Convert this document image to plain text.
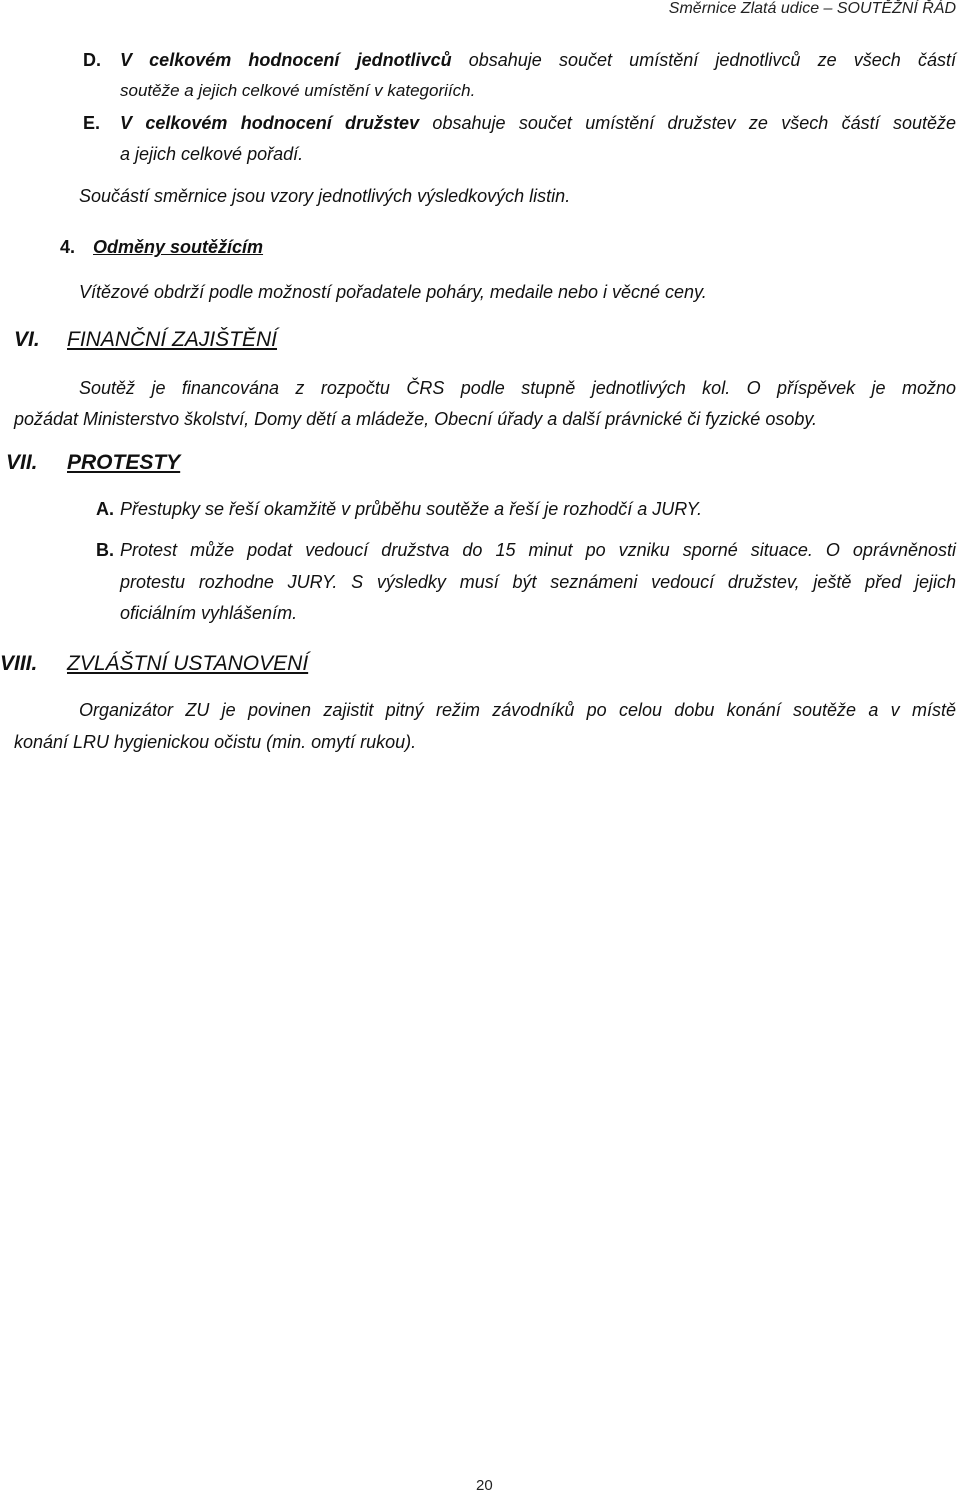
Směrnice Zlatá udice – SOUTĚŽNÍ ŘÁD
D. V celkovém hodnocení jednotlivců obsahuje součet umístění jednotlivců ze všech částí
soutěže a jejich celkové umístění v kategoriích.
E. V celkovém hodnocení družstev obsahuje součet umístění družstev ze všech částí soutěže
a jejich celkové pořadí.
Součástí směrnice jsou vzory jednotlivých výsledkových listin.
4. Odměny soutěžícím
Vítězové obdrží podle možností pořadatele poháry, medaile nebo i věcné ceny.
VI. FINANČNÍ ZAJIŠTĚNÍ
Soutěž je financována z rozpočtu ČRS podle stupně jednotlivých kol. O příspěvek je možno
požádat Ministerstvo školství, Domy dětí a mládeže, Obecní úřady a další právnické či fyzické osoby.
VII. PROTESTY
A. Přestupky se řeší okamžitě v průběhu soutěže a řeší je rozhodčí a JURY.
B. Protest může podat vedoucí družstva do 15 minut po vzniku sporné situace. O oprávněnosti
protestu rozhodne JURY. S výsledky musí být seznámeni vedoucí družstev, ještě před jejich
oficiálním vyhlášením.
VIII. ZVLÁŠTNÍ USTANOVENÍ
Organizátor ZU je povinen zajistit pitný režim závodníků po celou dobu konání soutěže a v místě
konání LRU hygienickou očistu (min. omytí rukou).
20
